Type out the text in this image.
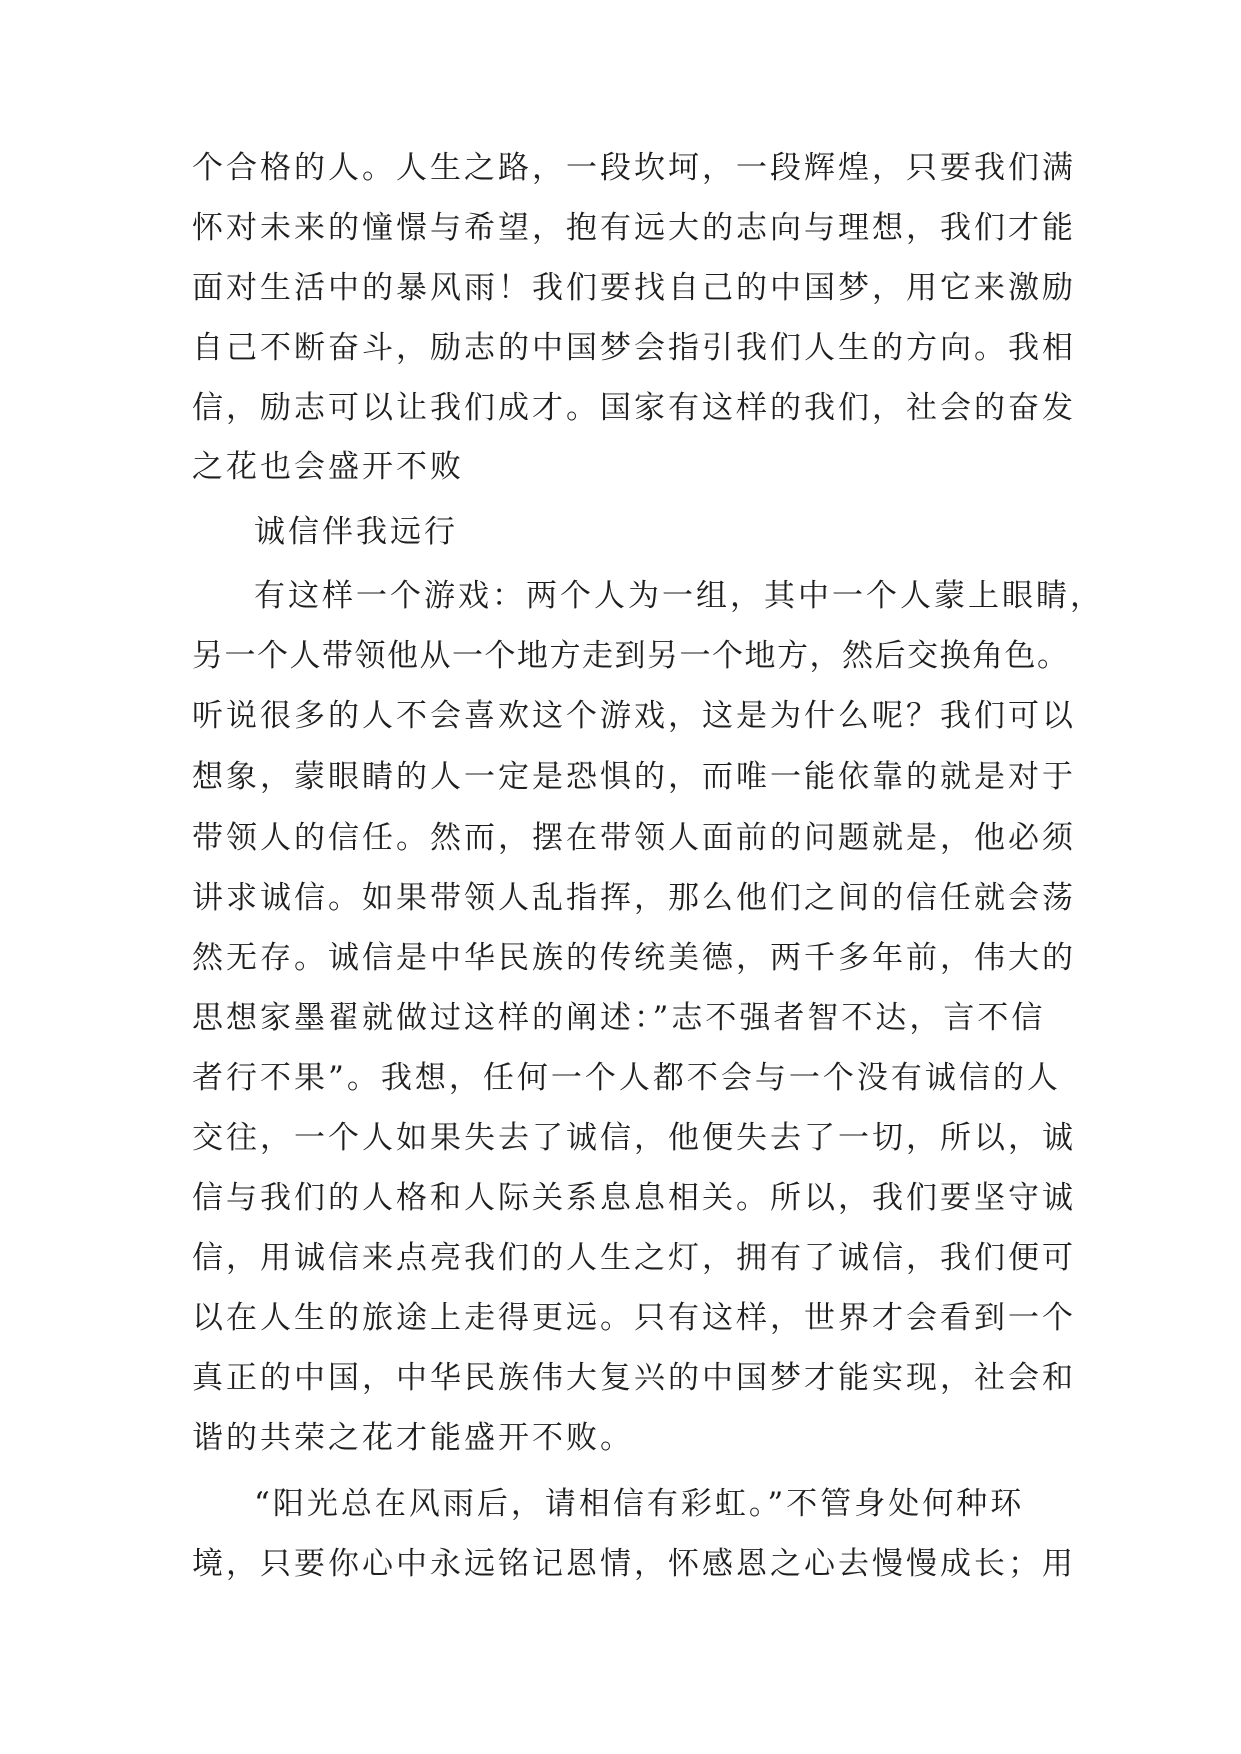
个合格的人。人生之路，一段坎坷，一段辉煌，只要我们满
怀对未来的憧憬与希望，抱有远大的志向与理想，我们才能
面对生活中的暴风雨！我们要找自己的中国梦，用它来激励
自己不断奋斗，励志的中国梦会指引我们人生的方向。我相
信，励志可以让我们成才。国家有这样的我们，社会的奋发
之花也会盛开不败
诚信伴我远行
有这样一个游戏：两个人为一组，其中一个人蒙上眼睛，
另一个人带领他从一个地方走到另一个地方，然后交换角色。
听说很多的人不会喜欢这个游戏，这是为什么呢？我们可以
想象，蒙眼睛的人一定是恐惧的，而唯一能依靠的就是对于
带领人的信任。然而，摆在带领人面前的问题就是，他必须
讲求诚信。如果带领人乱指挥，那么他们之间的信任就会荡
然无存。诚信是中华民族的传统美德，两千多年前，伟大的
思想家墨翟就做过这样的阐述：”志不强者智不达，言不信
者行不果”。我想，任何一个人都不会与一个没有诚信的人
交往，一个人如果失去了诚信，他便失去了一切，所以，诚
信与我们的人格和人际关系息息相关。所以，我们要坚守诚
信，用诚信来点亮我们的人生之灯，拥有了诚信，我们便可
以在人生的旅途上走得更远。只有这样，世界才会看到一个
真正的中国，中华民族伟大复兴的中国梦才能实现，社会和
谐的共荣之花才能盛开不败。
“阳光总在风雨后，请相信有彩虹。”不管身处何种环
境，只要你心中永远铭记恩情，怀感恩之心去慢慢成长；用
